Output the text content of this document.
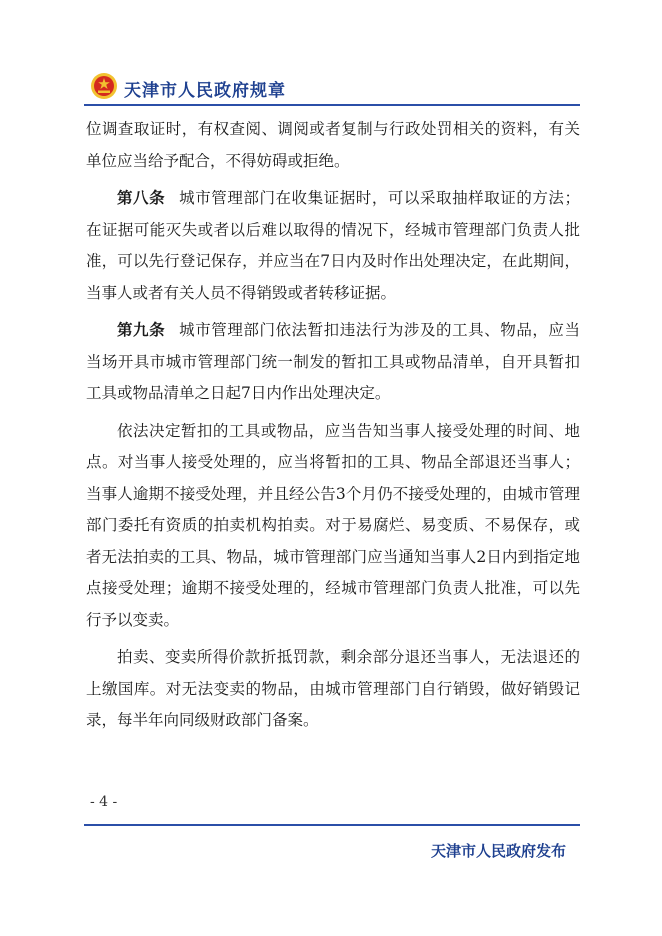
天津市人民政府规章

位调查取证时，有权查阅、调阅或者复制与行政处罚相关的资料，有关单位应当给予配合，不得妨碍或拒绝。

第八条 城市管理部门在收集证据时，可以采取抽样取证的方法；在证据可能灭失或者以后难以取得的情况下，经城市管理部门负责人批准，可以先行登记保存，并应当在7日内及时作出处理决定，在此期间，当事人或者有关人员不得销毁或者转移证据。

第九条 城市管理部门依法暂扣违法行为涉及的工具、物品，应当当场开具市城市管理部门统一制发的暂扣工具或物品清单，自开具暂扣工具或物品清单之日起7日内作出处理决定。

依法决定暂扣的工具或物品，应当告知当事人接受处理的时间、地点。对当事人接受处理的，应当将暂扣的工具、物品全部退还当事人；当事人逾期不接受处理，并且经公告3个月仍不接受处理的，由城市管理部门委托有资质的拍卖机构拍卖。对于易腐烂、易变质、不易保存，或者无法拍卖的工具、物品，城市管理部门应当通知当事人2日内到指定地点接受处理；逾期不接受处理的，经城市管理部门负责人批准，可以先行予以变卖。

拍卖、变卖所得价款折抵罚款，剩余部分退还当事人，无法退还的上缴国库。对无法变卖的物品，由城市管理部门自行销毁，做好销毁记录，每半年向同级财政部门备案。

- 4 -
天津市人民政府发布
